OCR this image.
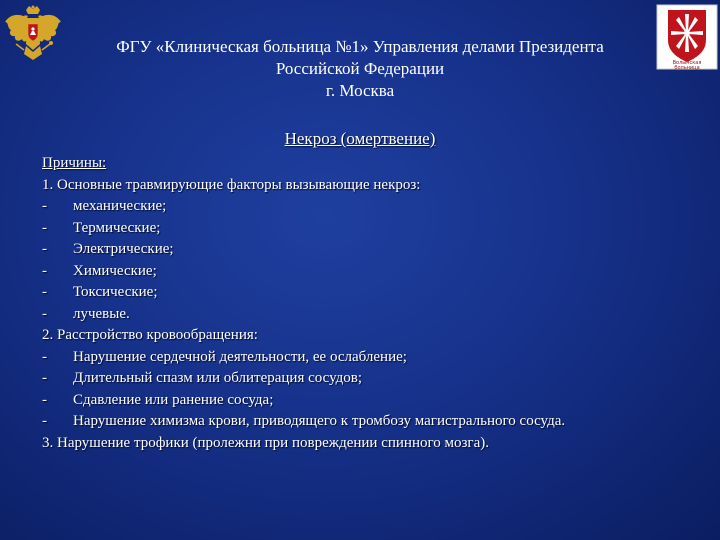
Волынская
больница
ФГУ «Клиническая больница №1» Управления делами Президента
Российской Федерации
г. Москва
Некроз (омертвение)
Причины:
1. Основные травмирующие факторы вызывающие некроз:
- механические;
- Термические;
- Электрические;
- Химические;
- Токсические;
- лучевые.
2. Расстройство кровообращения:
- Нарушение сердечной деятельности, ее ослабление;
- Длительный спазм или облитерация сосудов;
- Сдавление или ранение сосуда;
- Нарушение химизма крови, приводящего к тромбозу магистрального сосуда.
3. Нарушение трофики (пролежни при повреждении спинного мозга).
